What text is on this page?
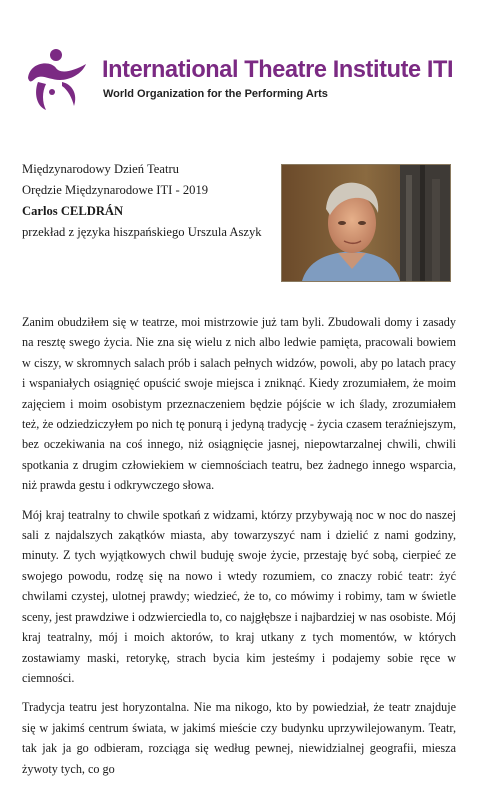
International Theatre Institute ITI
World Organization for the Performing Arts
Międzynarodowy Dzień Teatru
Orędzie Międzynarodowe ITI - 2019
Carlos CELDRÁN
przekład z języka hiszpańskiego Urszula Aszyk

Zanim obudziłem się w teatrze, moi mistrzowie już tam byli. Zbudowali domy i zasady na resztę swego życia. Nie zna się wielu z nich albo ledwie pamięta, pracowali bowiem w ciszy, w skromnych salach prób i salach pełnych widzów, powoli, aby po latach pracy i wspaniałych osiągnięć opuścić swoje miejsca i zniknąć. Kiedy zrozumiałem, że moim zajęciem i moim osobistym przeznaczeniem będzie pójście w ich ślady, zrozumiałem też, że odziedziczyłem po nich tę ponurą i jedyną tradycję - życia czasem teraźniejszym, bez oczekiwania na coś innego, niż osiągnięcie jasnej, niepowtarzalnej chwili, chwili spotkania z drugim człowiekiem w ciemnościach teatru, bez żadnego innego wsparcia, niż prawda gestu i odkrywczego słowa.

Mój kraj teatralny to chwile spotkań z widzami, którzy przybywają noc w noc do naszej sali z najdalszych zakątków miasta, aby towarzyszyć nam i dzielić z nami godziny, minuty. Z tych wyjątkowych chwil buduję swoje życie, przestaję być sobą, cierpieć ze swojego powodu, rodzę się na nowo i wtedy rozumiem, co znaczy robić teatr: żyć chwilami czystej, ulotnej prawdy; wiedzieć, że to, co mówimy i robimy, tam w świetle sceny, jest prawdziwe i odzwierciedla to, co najgłębsze i najbardziej w nas osobiste. Mój kraj teatralny, mój i moich aktorów, to kraj utkany z tych momentów, w których zostawiamy maski, retorykę, strach bycia kim jesteśmy i podajemy sobie ręce w ciemności.

Tradycja teatru jest horyzontalna. Nie ma nikogo, kto by powiedział, że teatr znajduje się w jakimś centrum świata, w jakimś mieście czy budynku uprzywilejowanym. Teatr, tak jak ja go odbieram, rozciąga się według pewnej, niewidzialnej geografii, miesza żywoty tych, co go
